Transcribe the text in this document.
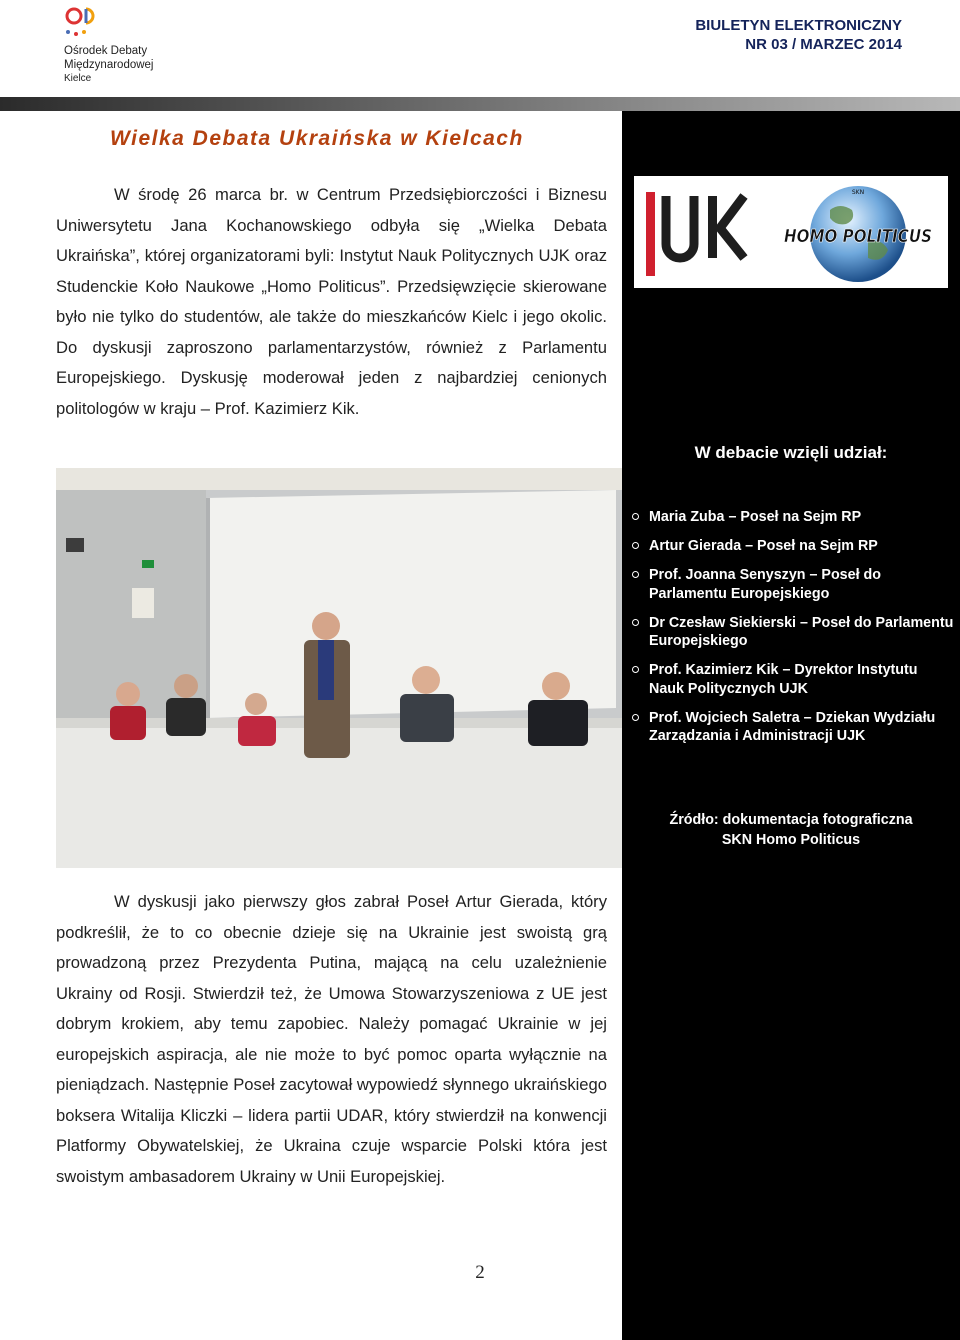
Ośrodek Debaty
Międzynarodowej
Kielce
BIULETYN ELEKTRONICZNY
NR 03 / MARZEC 2014
SKN
HOMO POLITICUS
W debacie wzięli udział:
Maria Zuba – Poseł na Sejm RP
Artur Gierada – Poseł na Sejm RP
Prof. Joanna Senyszyn – Poseł do Parlamentu Europejskiego
Dr Czesław Siekierski – Poseł do Parlamentu Europejskiego
Prof. Kazimierz Kik – Dyrektor Instytutu Nauk Politycznych UJK
Prof. Wojciech Saletra – Dziekan Wydziału Zarządzania i Administracji UJK
Źródło: dokumentacja fotograficzna
SKN Homo Politicus
Wielka Debata Ukraińska w Kielcach

W środę 26 marca br. w Centrum Przedsiębiorczości i Biznesu Uniwersytetu Jana Kochanowskiego odbyła się „Wielka Debata Ukraińska”, której organizatorami byli: Instytut Nauk Politycznych UJK oraz Studenckie Koło Naukowe „Homo Politicus”. Przedsięwzięcie skierowane było nie tylko do studentów, ale także do mieszkańców Kielc i jego okolic. Do dyskusji zaproszono parlamentarzystów, również z Parlamentu Europejskiego. Dyskusję moderował jeden z najbardziej cenionych politologów w kraju – Prof. Kazimierz Kik.

W dyskusji jako pierwszy głos zabrał Poseł Artur Gierada, który podkreślił, że to co obecnie dzieje się na Ukrainie jest swoistą grą prowadzoną przez Prezydenta Putina, mającą na celu uzależnienie Ukrainy od Rosji. Stwierdził też, że Umowa Stowarzyszeniowa z UE jest dobrym krokiem, aby temu zapobiec. Należy pomagać Ukrainie w jej europejskich aspiracja, ale nie może to być pomoc oparta wyłącznie na pieniądzach. Następnie Poseł zacytował wypowiedź słynnego ukraińskiego boksera Witalija Kliczki – lidera partii UDAR, który stwierdził na konwencji Platformy Obywatelskiej, że Ukraina czuje wsparcie Polski która jest swoistym ambasadorem Ukrainy w Unii Europejskiej.

2
